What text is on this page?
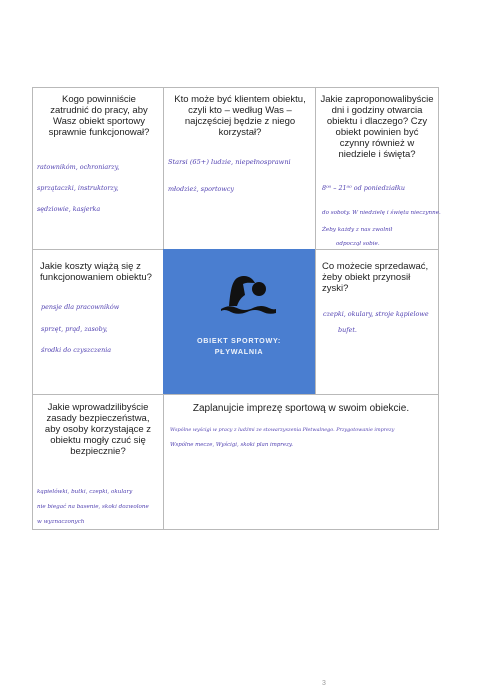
Kogo powinniście zatrudnić do pracy, aby Wasz obiekt sportowy sprawnie funkcjonował?
ratownikóm, ochroniarzy,
sprzątaczki, instruktorzy,
sędziowie, kasjerka
Kto może być klientem obiektu, czyli kto – według Was – najczęściej będzie z niego korzystał?
Starsi (65+) ludzie, niepełnosprawni
młodzież, sportowcy
Jakie zaproponowalibyście dni i godziny otwarcia obiektu i dlaczego? Czy obiekt powinien być czynny również w niedziele i święta?
8⁰⁰ – 21⁰⁰ od poniedziałku
do soboty. W niedzielę i święta nieczynne.
Żeby każdy z nas zwolnił
odpoczął sobie.
Jakie koszty wiążą się z funkcjonowaniem obiektu?
pensje dla pracowników
sprzęt, prąd, zasoby,
środki do czyszczenia
Co możecie sprzedawać, żeby obiekt przynosił zyski?
czepki, okulary, stroje kąpielowe
bufet.
Jakie wprowadzilibyście zasady bezpieczeństwa, aby osoby korzystające z obiektu mogły czuć się bezpiecznie?
kąpielówki, butki, czepki, okulary
nie biegać na basenie, skoki dozwolone
w wyznaczonych
Zaplanujcie imprezę sportową w swoim obiekcie.
Wspólne wyścigi w pracy z ludźmi ze stowarzyszenia Płetwalnego. Przygotowanie imprezy
Wspólne mecze, Wyścigi, skoki plan imprezy.
OBIEKT SPORTOWY:
PŁYWALNIA
3
